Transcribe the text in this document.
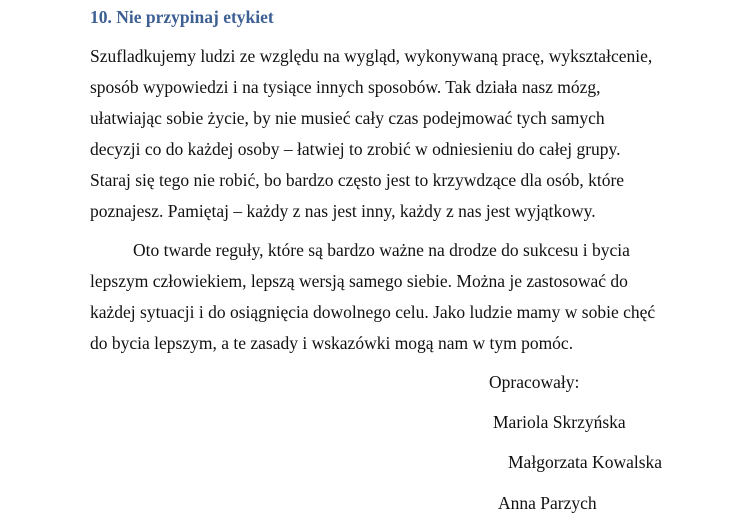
10. Nie przypinaj etykiet

Szufladkujemy ludzi ze względu na wygląd, wykonywaną pracę, wykształcenie,

sposób wypowiedzi i na tysiące innych sposobów. Tak działa nasz mózg,

ułatwiając sobie życie, by nie musieć cały czas podejmować tych samych

decyzji co do każdej osoby – łatwiej to zrobić w odniesieniu do całej grupy.

Staraj się tego nie robić, bo bardzo często jest to krzywdzące dla osób, które

poznajesz. Pamiętaj – każdy z nas jest inny, każdy z nas jest wyjątkowy.

Oto twarde reguły, które są bardzo ważne na drodze do sukcesu i bycia

lepszym człowiekiem, lepszą wersją samego siebie. Można je zastosować do

każdej sytuacji i do osiągnięcia dowolnego celu. Jako ludzie mamy w sobie chęć

do bycia lepszym, a te zasady i wskazówki mogą nam w tym pomóc.

Opracowały:

Mariola Skrzyńska

Małgorzata Kowalska

Anna Parzych
